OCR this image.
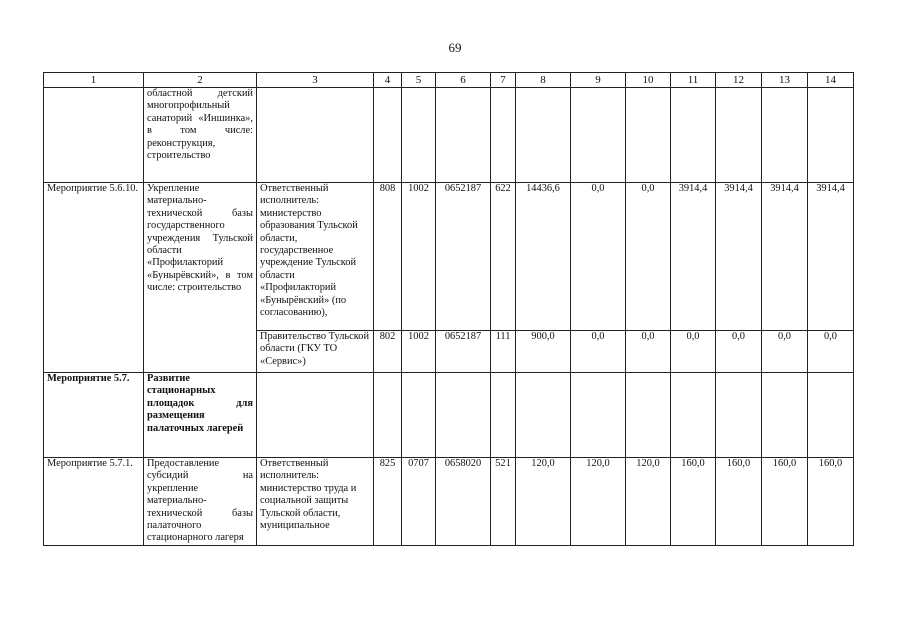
69
1	2	3	4	5	6	7	8	9	10	11	12	13	14
	областной детский многопрофильный санаторий «Иншинка», в том числе: реконструкция, строительство												
Мероприятие 5.6.10.	Укрепление материально-технической базы государственного учреждения Тульской области «Профилакторий «Бунырёвский», в том числе: строительство	Ответственный исполнитель: министерство образования Тульской области, государственное учреждение Тульской области «Профилакторий «Бунырёвский» (по согласованию),	808	1002	0652187	622	14436,6	0,0	0,0	3914,4	3914,4	3914,4	3914,4
		Правительство Тульской области (ГКУ ТО «Сервис»)	802	1002	0652187	111	900,0	0,0	0,0	0,0	0,0	0,0	0,0
Мероприятие 5.7.	Развитие стационарных площадок для размещения палаточных лагерей												
Мероприятие 5.7.1.	Предоставление субсидий на укрепление материально-технической базы палаточного стационарного лагеря	Ответственный исполнитель: министерство труда и социальной защиты Тульской области, муниципальное	825	0707	0658020	521	120,0	120,0	120,0	160,0	160,0	160,0	160,0
